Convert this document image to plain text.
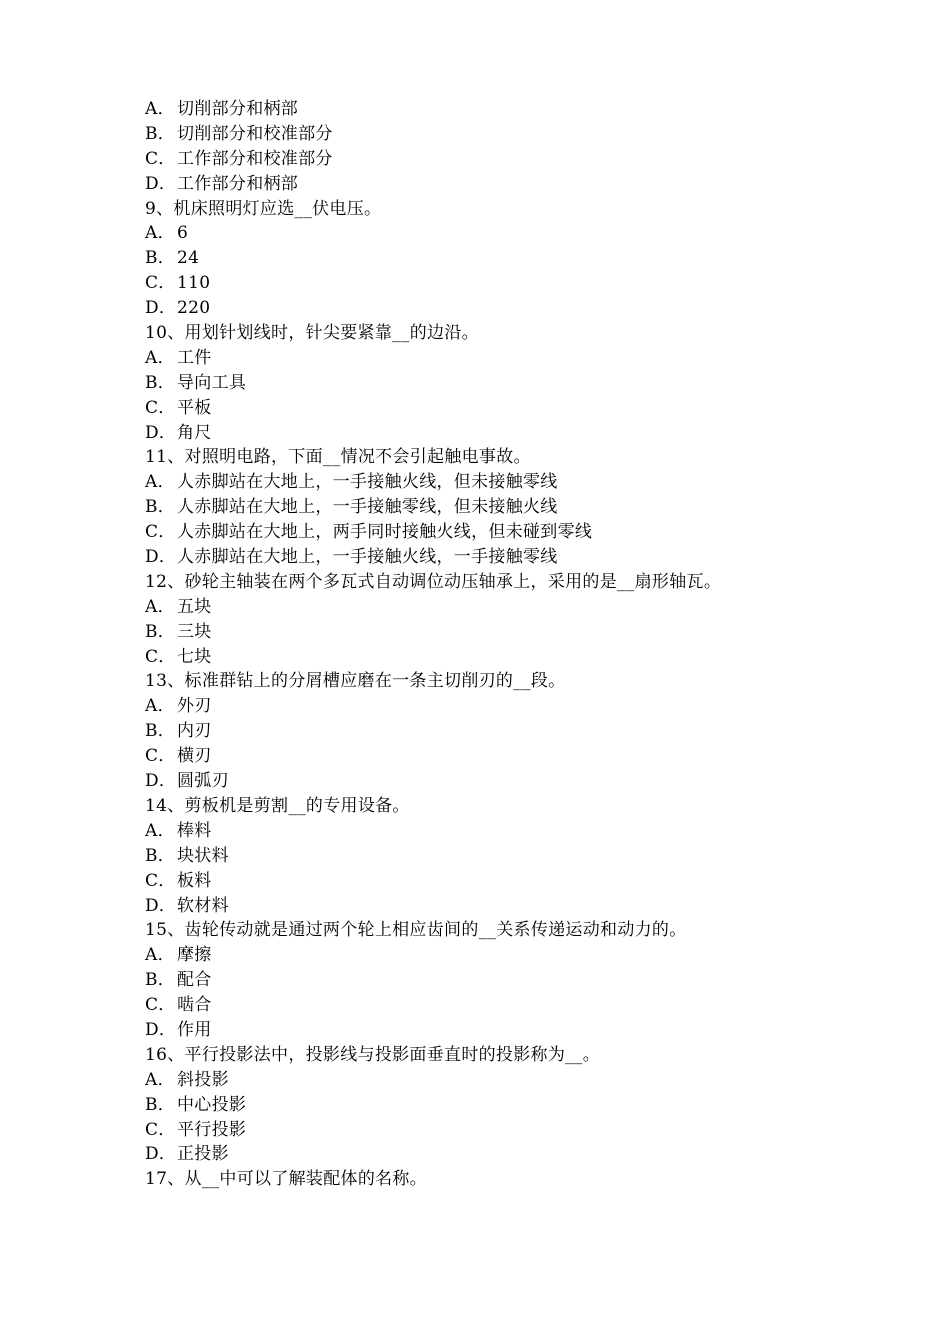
A． 切削部分和柄部
B． 切削部分和校准部分
C．工作部分和校准部分
D．工作部分和柄部
9、机床照明灯应选__伏电压。
A． 6
B． 24
C．110
D．220
10、用划针划线时，针尖要紧靠__的边沿。
A． 工件
B． 导向工具
C．平板
D．角尺
11、对照明电路，下面__情况不会引起触电事故。
A． 人赤脚站在大地上，一手接触火线，但未接触零线
B． 人赤脚站在大地上，一手接触零线，但未接触火线
C．人赤脚站在大地上，两手同时接触火线，但未碰到零线
D．人赤脚站在大地上，一手接触火线，一手接触零线
12、砂轮主轴装在两个多瓦式自动调位动压轴承上，采用的是__扇形轴瓦。
A． 五块
B． 三块
C．七块
13、标准群钻上的分屑槽应磨在一条主切削刃的__段。
A． 外刃
B． 内刃
C．横刃
D．圆弧刃
14、剪板机是剪割__的专用设备。
A． 棒料
B． 块状料
C．板料
D．软材料
15、齿轮传动就是通过两个轮上相应齿间的__关系传递运动和动力的。
A． 摩擦
B． 配合
C．啮合
D．作用
16、平行投影法中，投影线与投影面垂直时的投影称为__。
A． 斜投影
B． 中心投影
C．平行投影
D．正投影
17、从__中可以了解装配体的名称。
